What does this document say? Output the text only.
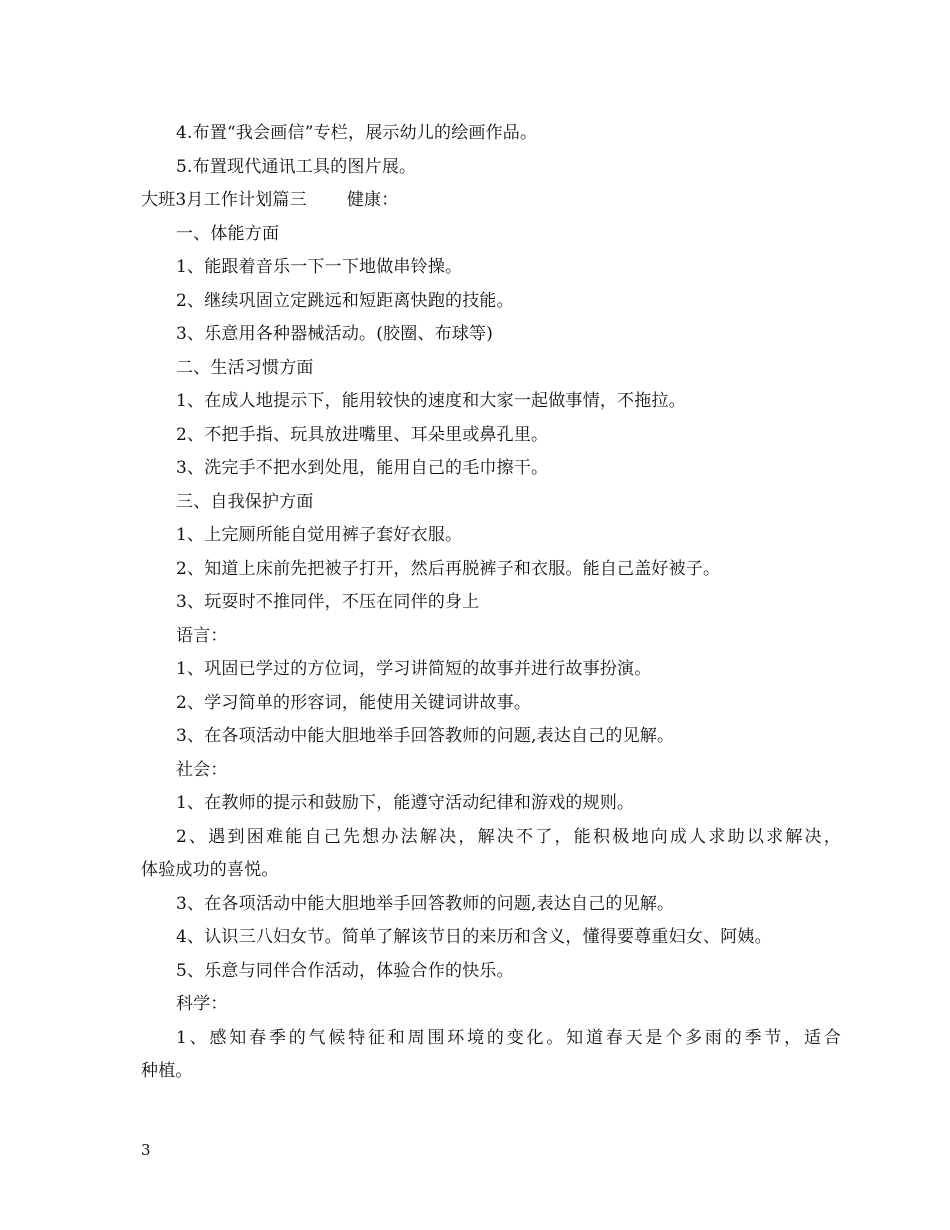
4.布置“我会画信”专栏，展示幼儿的绘画作品。
5.布置现代通讯工具的图片展。
大班3月工作计划篇三 健康：
一、体能方面
1、能跟着音乐一下一下地做串铃操。
2、继续巩固立定跳远和短距离快跑的技能。
3、乐意用各种器械活动。(胶圈、布球等)
二、生活习惯方面
1、在成人地提示下，能用较快的速度和大家一起做事情，不拖拉。
2、不把手指、玩具放进嘴里、耳朵里或鼻孔里。
3、洗完手不把水到处甩，能用自己的毛巾擦干。
三、自我保护方面
1、上完厕所能自觉用裤子套好衣服。
2、知道上床前先把被子打开，然后再脱裤子和衣服。能自己盖好被子。
3、玩耍时不推同伴，不压在同伴的身上
语言：
1、巩固已学过的方位词，学习讲简短的故事并进行故事扮演。
2、学习简单的形容词，能使用关键词讲故事。
3、在各项活动中能大胆地举手回答教师的问题,表达自己的见解。
社会：
1、在教师的提示和鼓励下，能遵守活动纪律和游戏的规则。
2、遇到困难能自己先想办法解决，解决不了，能积极地向成人求助以求解决，
体验成功的喜悦。
3、在各项活动中能大胆地举手回答教师的问题,表达自己的见解。
4、认识三八妇女节。简单了解该节日的来历和含义，懂得要尊重妇女、阿姨。
5、乐意与同伴合作活动，体验合作的快乐。
科学：
1、感知春季的气候特征和周围环境的变化。知道春天是个多雨的季节，适合
种植。
3
